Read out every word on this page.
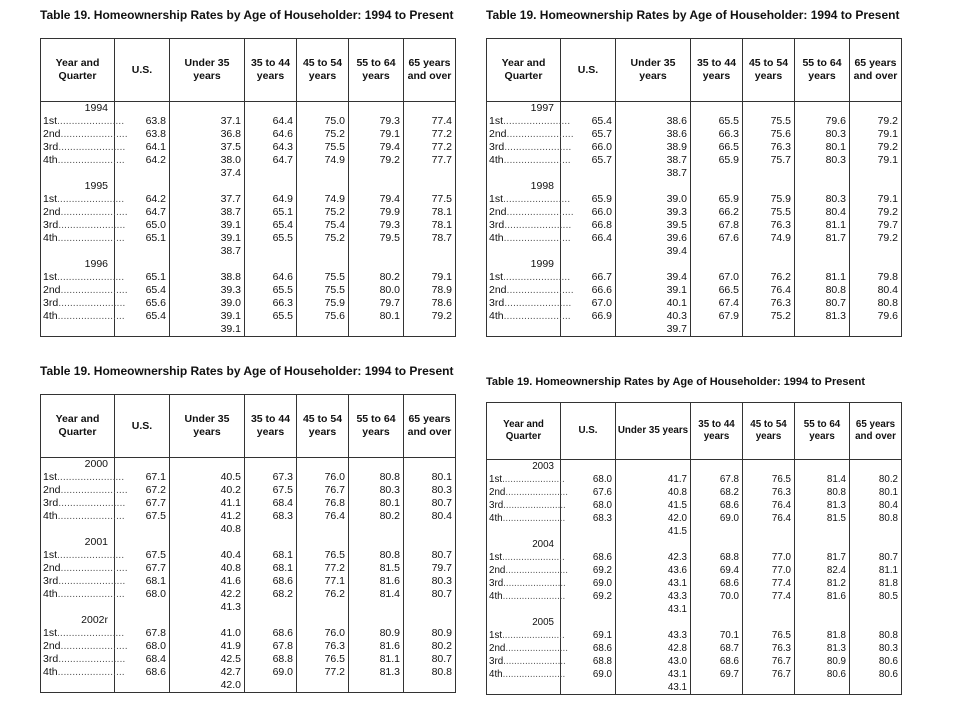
Table 19. Homeownership Rates by Age of Householder: 1994 to Present
Year and Quarter	U.S.	Under 35 years	35 to 44 years	45 to 54 years	55 to 64 years	65 years and over
1994						
1st.......................	63.8	37.1	64.4	75.0	79.3	77.4
2nd.......................	63.8	36.8	64.6	75.2	79.1	77.2
3rd.......................	64.1	37.5	64.3	75.5	79.4	77.2
4th.......................	64.2	38.0	64.7	74.9	79.2	77.7
		37.4				
1995						
1st.......................	64.2	37.7	64.9	74.9	79.4	77.5
2nd.......................	64.7	38.7	65.1	75.2	79.9	78.1
3rd.......................	65.0	39.1	65.4	75.4	79.3	78.1
4th.......................	65.1	39.1	65.5	75.2	79.5	78.7
		38.7				
1996						
1st.......................	65.1	38.8	64.6	75.5	80.2	79.1
2nd.......................	65.4	39.3	65.5	75.5	80.0	78.9
3rd.......................	65.6	39.0	66.3	75.9	79.7	78.6
4th.......................	65.4	39.1	65.5	75.6	80.1	79.2
		39.1				
Table 19. Homeownership Rates by Age of Householder: 1994 to Present
Year and Quarter	U.S.	Under 35 years	35 to 44 years	45 to 54 years	55 to 64 years	65 years and over
1997						
1st.......................	65.4	38.6	65.5	75.5	79.6	79.2
2nd.......................	65.7	38.6	66.3	75.6	80.3	79.1
3rd.......................	66.0	38.9	66.5	76.3	80.1	79.2
4th.......................	65.7	38.7	65.9	75.7	80.3	79.1
		38.7				
1998						
1st.......................	65.9	39.0	65.9	75.9	80.3	79.1
2nd.......................	66.0	39.3	66.2	75.5	80.4	79.2
3rd.......................	66.8	39.5	67.8	76.3	81.1	79.7
4th.......................	66.4	39.6	67.6	74.9	81.7	79.2
		39.4				
1999						
1st.......................	66.7	39.4	67.0	76.2	81.1	79.8
2nd.......................	66.6	39.1	66.5	76.4	80.8	80.4
3rd.......................	67.0	40.1	67.4	76.3	80.7	80.8
4th.......................	66.9	40.3	67.9	75.2	81.3	79.6
		39.7				
Table 19. Homeownership Rates by Age of Householder: 1994 to Present
Year and Quarter	U.S.	Under 35 years	35 to 44 years	45 to 54 years	55 to 64 years	65 years and over
2000						
1st.......................	67.1	40.5	67.3	76.0	80.8	80.1
2nd.......................	67.2	40.2	67.5	76.7	80.3	80.3
3rd.......................	67.7	41.1	68.4	76.8	80.1	80.7
4th.......................	67.5	41.2	68.3	76.4	80.2	80.4
		40.8				
2001						
1st.......................	67.5	40.4	68.1	76.5	80.8	80.7
2nd.......................	67.7	40.8	68.1	77.2	81.5	79.7
3rd.......................	68.1	41.6	68.6	77.1	81.6	80.3
4th.......................	68.0	42.2	68.2	76.2	81.4	80.7
		41.3				
2002r						
1st.......................	67.8	41.0	68.6	76.0	80.9	80.9
2nd.......................	68.0	41.9	67.8	76.3	81.6	80.2
3rd.......................	68.4	42.5	68.8	76.5	81.1	80.7
4th.......................	68.6	42.7	69.0	77.2	81.3	80.8
		42.0				
Table 19. Homeownership Rates by Age of Householder: 1994 to Present
Year and Quarter	U.S.	Under 35 years	35 to 44 years	45 to 54 years	55 to 64 years	65 years and over
2003						
1st.......................	68.0	41.7	67.8	76.5	81.4	80.2
2nd.......................	67.6	40.8	68.2	76.3	80.8	80.1
3rd.......................	68.0	41.5	68.6	76.4	81.3	80.4
4th.......................	68.3	42.0	69.0	76.4	81.5	80.8
		41.5				
2004						
1st.......................	68.6	42.3	68.8	77.0	81.7	80.7
2nd.......................	69.2	43.6	69.4	77.0	82.4	81.1
3rd.......................	69.0	43.1	68.6	77.4	81.2	81.8
4th.......................	69.2	43.3	70.0	77.4	81.6	80.5
		43.1				
2005						
1st.......................	69.1	43.3	70.1	76.5	81.8	80.8
2nd.......................	68.6	42.8	68.7	76.3	81.3	80.3
3rd.......................	68.8	43.0	68.6	76.7	80.9	80.6
4th.......................	69.0	43.1	69.7	76.7	80.6	80.6
		43.1				
